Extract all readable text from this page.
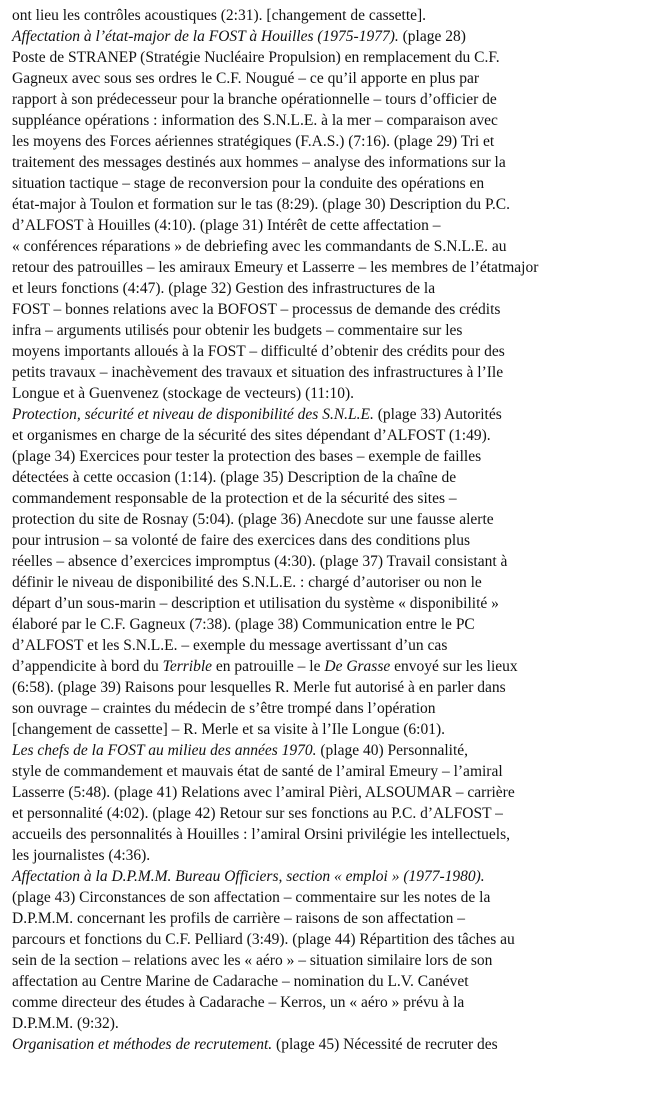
ont lieu les contrôles acoustiques (2:31). [changement de cassette].
Affectation à l’état-major de la FOST à Houilles (1975-1977). (plage 28)
Poste de STRANEP (Stratégie Nucléaire Propulsion) en remplacement du C.F.
Gagneux avec sous ses ordres le C.F. Nougué – ce qu’il apporte en plus par
rapport à son prédecesseur pour la branche opérationnelle – tours d’officier de
suppléance opérations : information des S.N.L.E. à la mer – comparaison avec
les moyens des Forces aériennes stratégiques (F.A.S.) (7:16). (plage 29) Tri et
traitement des messages destinés aux hommes – analyse des informations sur la
situation tactique – stage de reconversion pour la conduite des opérations en
état-major à Toulon et formation sur le tas (8:29). (plage 30) Description du P.C.
d’ALFOST à Houilles (4:10). (plage 31) Intérêt de cette affectation –
« conférences réparations » de debriefing avec les commandants de S.N.L.E. au
retour des patrouilles – les amiraux Emeury et Lasserre – les membres de l’étatmajor
et leurs fonctions (4:47). (plage 32) Gestion des infrastructures de la
FOST – bonnes relations avec la BOFOST – processus de demande des crédits
infra – arguments utilisés pour obtenir les budgets – commentaire sur les
moyens importants alloués à la FOST – difficulté d’obtenir des crédits pour des
petits travaux – inachèvement des travaux et situation des infrastructures à l’Ile
Longue et à Guenvenez (stockage de vecteurs) (11:10).
Protection, sécurité et niveau de disponibilité des S.N.L.E. (plage 33) Autorités
et organismes en charge de la sécurité des sites dépendant d’ALFOST (1:49).
(plage 34) Exercices pour tester la protection des bases – exemple de failles
détectées à cette occasion (1:14). (plage 35) Description de la chaîne de
commandement responsable de la protection et de la sécurité des sites –
protection du site de Rosnay (5:04). (plage 36) Anecdote sur une fausse alerte
pour intrusion – sa volonté de faire des exercices dans des conditions plus
réelles – absence d’exercices impromptus (4:30). (plage 37) Travail consistant à
définir le niveau de disponibilité des S.N.L.E. : chargé d’autoriser ou non le
départ d’un sous-marin – description et utilisation du système « disponibilité »
élaboré par le C.F. Gagneux (7:38). (plage 38) Communication entre le PC
d’ALFOST et les S.N.L.E. – exemple du message avertissant d’un cas
d’appendicite à bord du Terrible en patrouille – le De Grasse envoyé sur les lieux
(6:58). (plage 39) Raisons pour lesquelles R. Merle fut autorisé à en parler dans
son ouvrage – craintes du médecin de s’être trompé dans l’opération
[changement de cassette] – R. Merle et sa visite à l’Ile Longue (6:01).
Les chefs de la FOST au milieu des années 1970. (plage 40) Personnalité,
style de commandement et mauvais état de santé de l’amiral Emeury – l’amiral
Lasserre (5:48). (plage 41) Relations avec l’amiral Pièri, ALSOUMAR – carrière
et personnalité (4:02). (plage 42) Retour sur ses fonctions au P.C. d’ALFOST –
accueils des personnalités à Houilles : l’amiral Orsini privilégie les intellectuels,
les journalistes (4:36).
Affectation à la D.P.M.M. Bureau Officiers, section « emploi » (1977-1980).
(plage 43) Circonstances de son affectation – commentaire sur les notes de la
D.P.M.M. concernant les profils de carrière – raisons de son affectation –
parcours et fonctions du C.F. Pelliard (3:49). (plage 44) Répartition des tâches au
sein de la section – relations avec les « aéro » – situation similaire lors de son
affectation au Centre Marine de Cadarache – nomination du L.V. Canévet
comme directeur des études à Cadarache – Kerros, un « aéro » prévu à la
D.P.M.M. (9:32).
Organisation et méthodes de recrutement. (plage 45) Nécessité de recruter des
